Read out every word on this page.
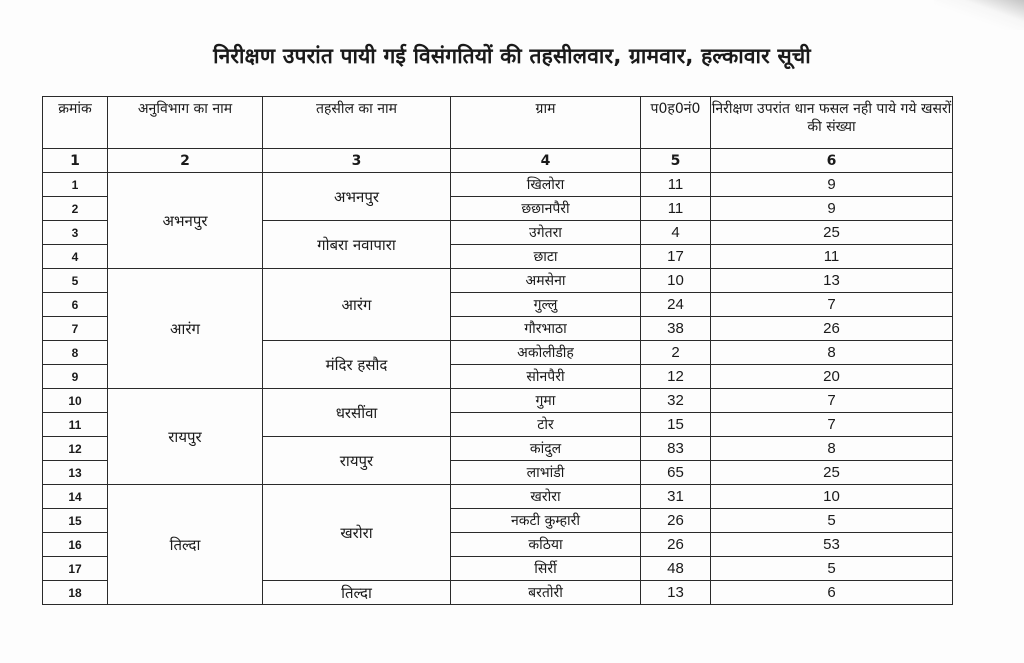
निरीक्षण उपरांत पायी गई विसंगतियों की तहसीलवार, ग्रामवार, हल्कावार सूची
क्रमांक	अनुविभाग का नाम	तहसील का नाम	ग्राम	प0ह0नं0	निरीक्षण उपरांत धान फसल नही पाये गये खसरों की संख्या
1	2	3	4	5	6
1	अभनपुर	अभनपुर	खिलोरा	11	9
2			छछानपैरी	11	9
3		गोबरा नवापारा	उगेतरा	4	25
4			छाटा	17	11
5	आरंग	आरंग	अमसेना	10	13
6			गुल्लु	24	7
7			गौरभाठा	38	26
8		मंदिर हसौद	अकोलीडीह	2	8
9			सोनपैरी	12	20
10	रायपुर	धरसींवा	गुमा	32	7
11			टोर	15	7
12		रायपुर	कांदुल	83	8
13			लाभांडी	65	25
14	तिल्दा	खरोरा	खरोरा	31	10
15			नकटी कुम्हारी	26	5
16			कठिया	26	53
17			सिर्री	48	5
18		तिल्दा	बरतोरी	13	6
